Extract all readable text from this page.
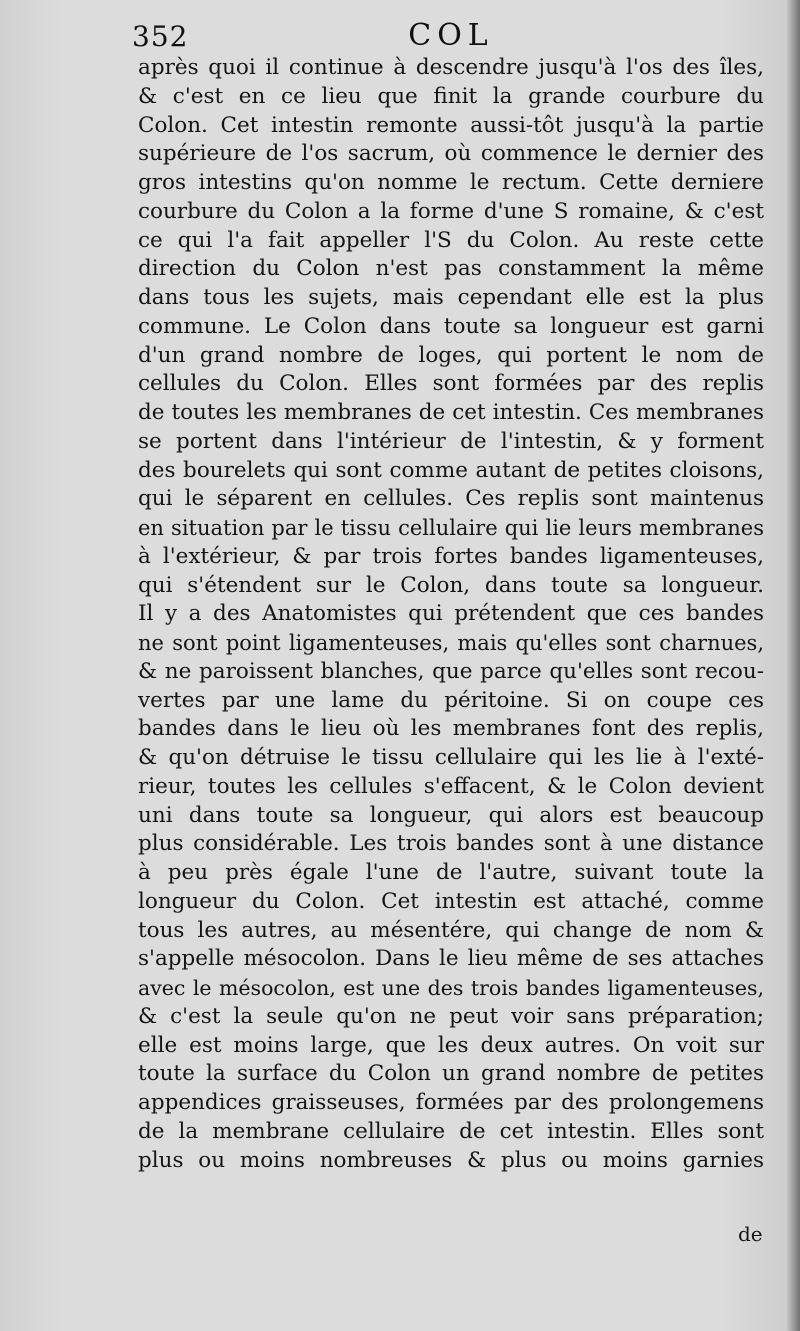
352	COL
après quoi il continue à descendre jusqu'à l'os des îles,
& c'est en ce lieu que finit la grande courbure du
Colon. Cet intestin remonte aussi-tôt jusqu'à la partie
supérieure de l'os sacrum, où commence le dernier des
gros intestins qu'on nomme le rectum. Cette derniere
courbure du Colon a la forme d'une S romaine, & c'est
ce qui l'a fait appeller l'S du Colon. Au reste cette
direction du Colon n'est pas constamment la même
dans tous les sujets, mais cependant elle est la plus
commune. Le Colon dans toute sa longueur est garni
d'un grand nombre de loges, qui portent le nom de
cellules du Colon. Elles sont formées par des replis
de toutes les membranes de cet intestin. Ces membranes
se portent dans l'intérieur de l'intestin, & y forment
des bourelets qui sont comme autant de petites cloisons,
qui le séparent en cellules. Ces replis sont maintenus
en situation par le tissu cellulaire qui lie leurs membranes
à l'extérieur, & par trois fortes bandes ligamenteuses,
qui s'étendent sur le Colon, dans toute sa longueur.
Il y a des Anatomistes qui prétendent que ces bandes
ne sont point ligamenteuses, mais qu'elles sont charnues,
& ne paroissent blanches, que parce qu'elles sont recou-
vertes par une lame du péritoine. Si on coupe ces
bandes dans le lieu où les membranes font des replis,
& qu'on détruise le tissu cellulaire qui les lie à l'exté-
rieur, toutes les cellules s'effacent, & le Colon devient
uni dans toute sa longueur, qui alors est beaucoup
plus considérable. Les trois bandes sont à une distance
à peu près égale l'une de l'autre, suivant toute la
longueur du Colon. Cet intestin est attaché, comme
tous les autres, au mésentére, qui change de nom &
s'appelle mésocolon. Dans le lieu même de ses attaches
avec le mésocolon, est une des trois bandes ligamenteuses,
& c'est la seule qu'on ne peut voir sans préparation;
elle est moins large, que les deux autres. On voit sur
toute la surface du Colon un grand nombre de petites
appendices graisseuses, formées par des prolongemens
de la membrane cellulaire de cet intestin. Elles sont
plus ou moins nombreuses & plus ou moins garnies
de
